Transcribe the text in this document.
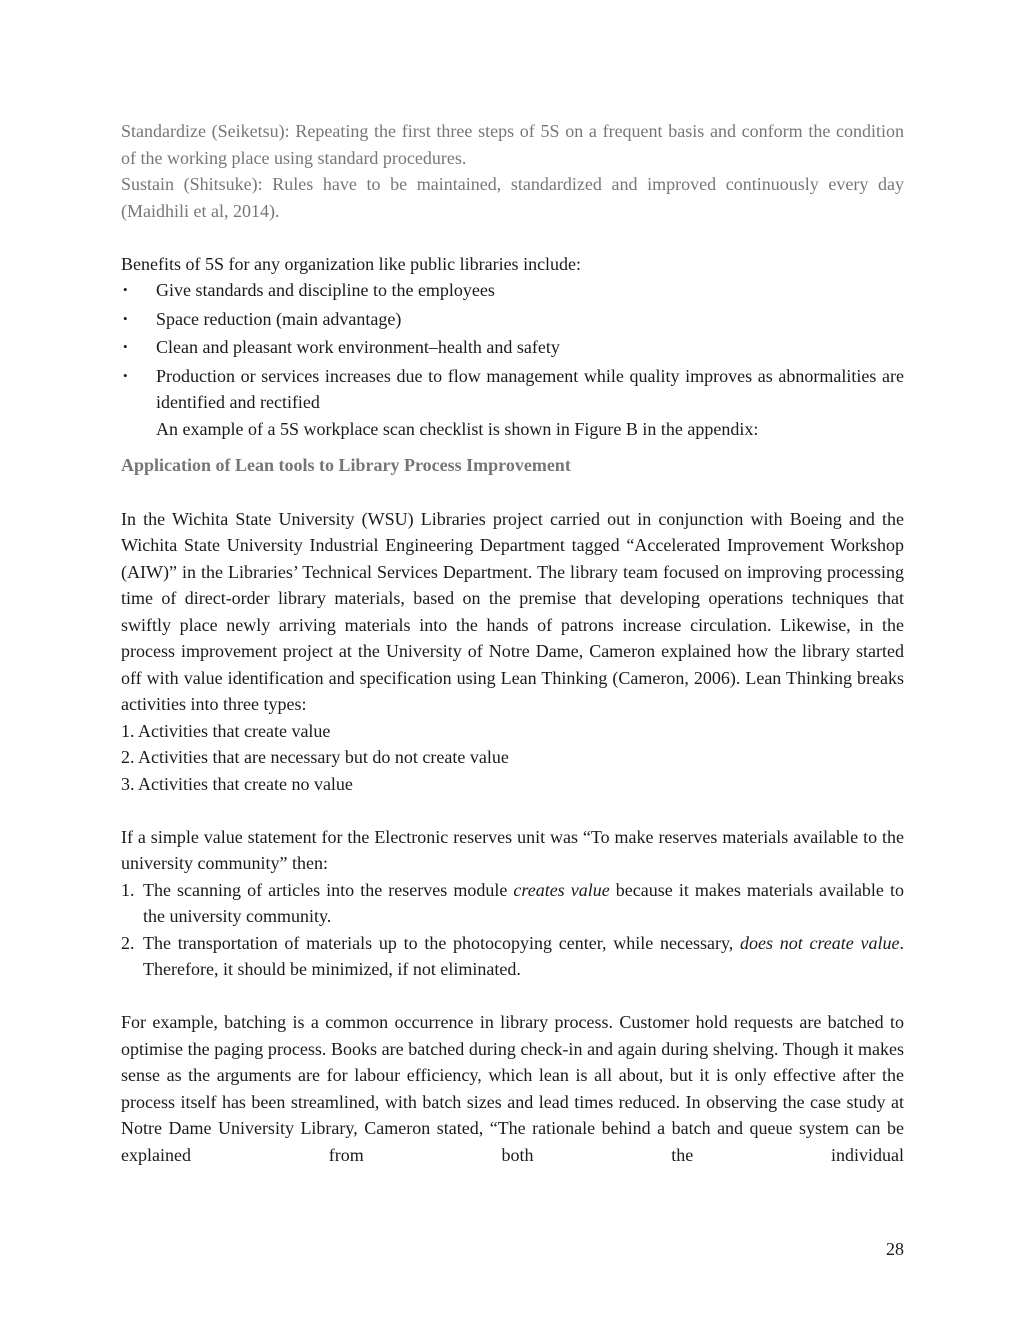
Standardize (Seiketsu): Repeating the first three steps of 5S on a frequent basis and conform the condition of the working place using standard procedures.

Sustain (Shitsuke): Rules have to be maintained, standardized and improved continuously every day (Maidhili et al, 2014).

Benefits of 5S for any organization like public libraries include:

• Give standards and discipline to the employees
• Space reduction (main advantage)
• Clean and pleasant work environment–health and safety
• Production or services increases due to flow management while quality improves as abnormalities are identified and rectified

An example of a 5S workplace scan checklist is shown in Figure B in the appendix:

Application of Lean tools to Library Process Improvement

In the Wichita State University (WSU) Libraries project carried out in conjunction with Boeing and the Wichita State University Industrial Engineering Department tagged “Accelerated Improvement Workshop (AIW)” in the Libraries’ Technical Services Department. The library team focused on improving processing time of direct-order library materials, based on the premise that developing operations techniques that swiftly place newly arriving materials into the hands of patrons increase circulation. Likewise, in the process improvement project at the University of Notre Dame, Cameron explained how the library started off with value identification and specification using Lean Thinking (Cameron, 2006). Lean Thinking breaks activities into three types:

1. Activities that create value

2. Activities that are necessary but do not create value

3. Activities that create no value

If a simple value statement for the Electronic reserves unit was “To make reserves materials available to the university community” then:

1. The scanning of articles into the reserves module creates value because it makes materials available to the university community.
2. The transportation of materials up to the photocopying center, while necessary, does not create value. Therefore, it should be minimized, if not eliminated.

For example, batching is a common occurrence in library process. Customer hold requests are batched to optimise the paging process. Books are batched during check-in and again during shelving. Though it makes sense as the arguments are for labour efficiency, which lean is all about, but it is only effective after the process itself has been streamlined, with batch sizes and lead times reduced. In observing the case study at Notre Dame University Library, Cameron stated, “The rationale behind a batch and queue system can be explained from both the individual

28
